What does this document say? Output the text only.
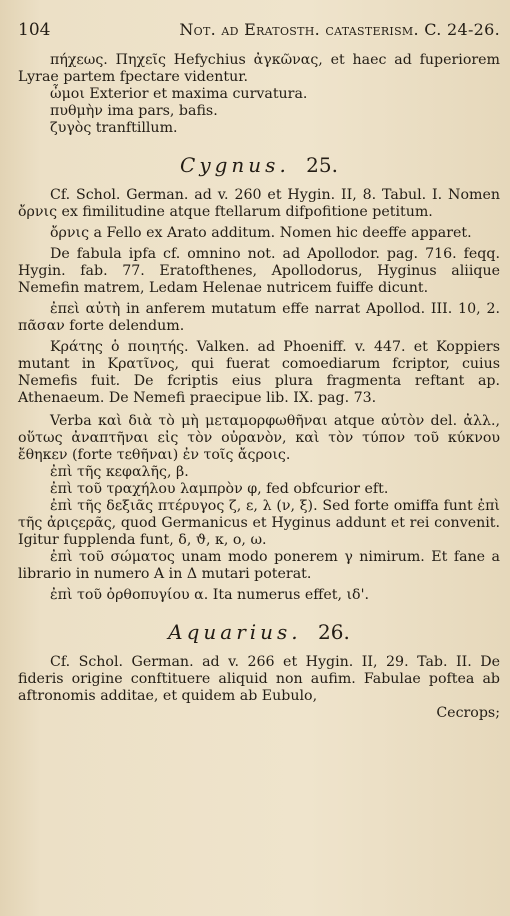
104	Not. ad Eratosth. catasterism. C. 24-26.

πήχεως. Πηχεῖς Hefychius ἀγκῶνας, et haec ad fuperiorem Lyrae partem fpectare videntur.

ὦμοι Exterior et maxima curvatura.

πυθμὴν ima pars, bafis.

ζυγὸς tranftillum.

Cygnus. 25.

Cf. Schol. German. ad v. 260 et Hygin. II, 8. Tabul. I. Nomen ὄρνις ex fimilitudine atque ftellarum difpofitione petitum.

ὄρνις a Fello ex Arato additum. Nomen hic deeffe apparet.

De fabula ipfa cf. omnino not. ad Apollodor. pag. 716. feqq. Hygin. fab. 77. Eratofthenes, Apollodorus, Hyginus aliique Nemefin matrem, Ledam Helenae nutricem fuiffe dicunt.

ἐπεὶ αὐτὴ in anferem mutatum effe narrat Apollod. III. 10, 2. πᾶσαν forte delendum.

Κράτης ὁ ποιητής. Valken. ad Phoeniff. v. 447. et Koppiers mutant in Κρατῖνος, qui fuerat comoediarum fcriptor, cuius Nemefis fuit. De fcriptis eius plura fragmenta reftant ap. Athenaeum. De Nemefi praecipue lib. IX. pag. 73.

Verba καὶ διὰ τὸ μὴ μεταμορφωθῆναι atque αὐτὸν del. ἀλλ., οὕτως ἀναπτῆναι εἰς τὸν οὐρανὸν, καὶ τὸν τύπον τοῦ κύκνου ἔθηκεν (forte τεθῆναι) ἐν τοῖς ἄςροις.

ἐπὶ τῆς κεφαλῆς, β.

ἐπὶ τοῦ τραχήλου λαμπρὸν φ, fed obfcurior eft.

ἐπὶ τῆς δεξιᾶς πτέρυγος ζ, ε, λ (ν, ξ). Sed forte omiffa funt ἐπὶ τῆς ἀριςερᾶς, quod Germanicus et Hyginus addunt et rei convenit. Igitur fupplenda funt, δ, ϑ, κ, ο, ω.

ἐπὶ τοῦ σώματος unam modo ponerem γ nimirum. Et fane a librario in numero Α in Δ mutari poterat.

ἐπὶ τοῦ ὀρθοπυγίου α. Ita numerus effet, ιδ'.

Aquarius. 26.

Cf. Schol. German. ad v. 266 et Hygin. II, 29. Tab. II. De fideris origine conftituere aliquid non aufim. Fabulae poftea ab aftronomis additae, et quidem ab Eubulo,

Cecrops;
